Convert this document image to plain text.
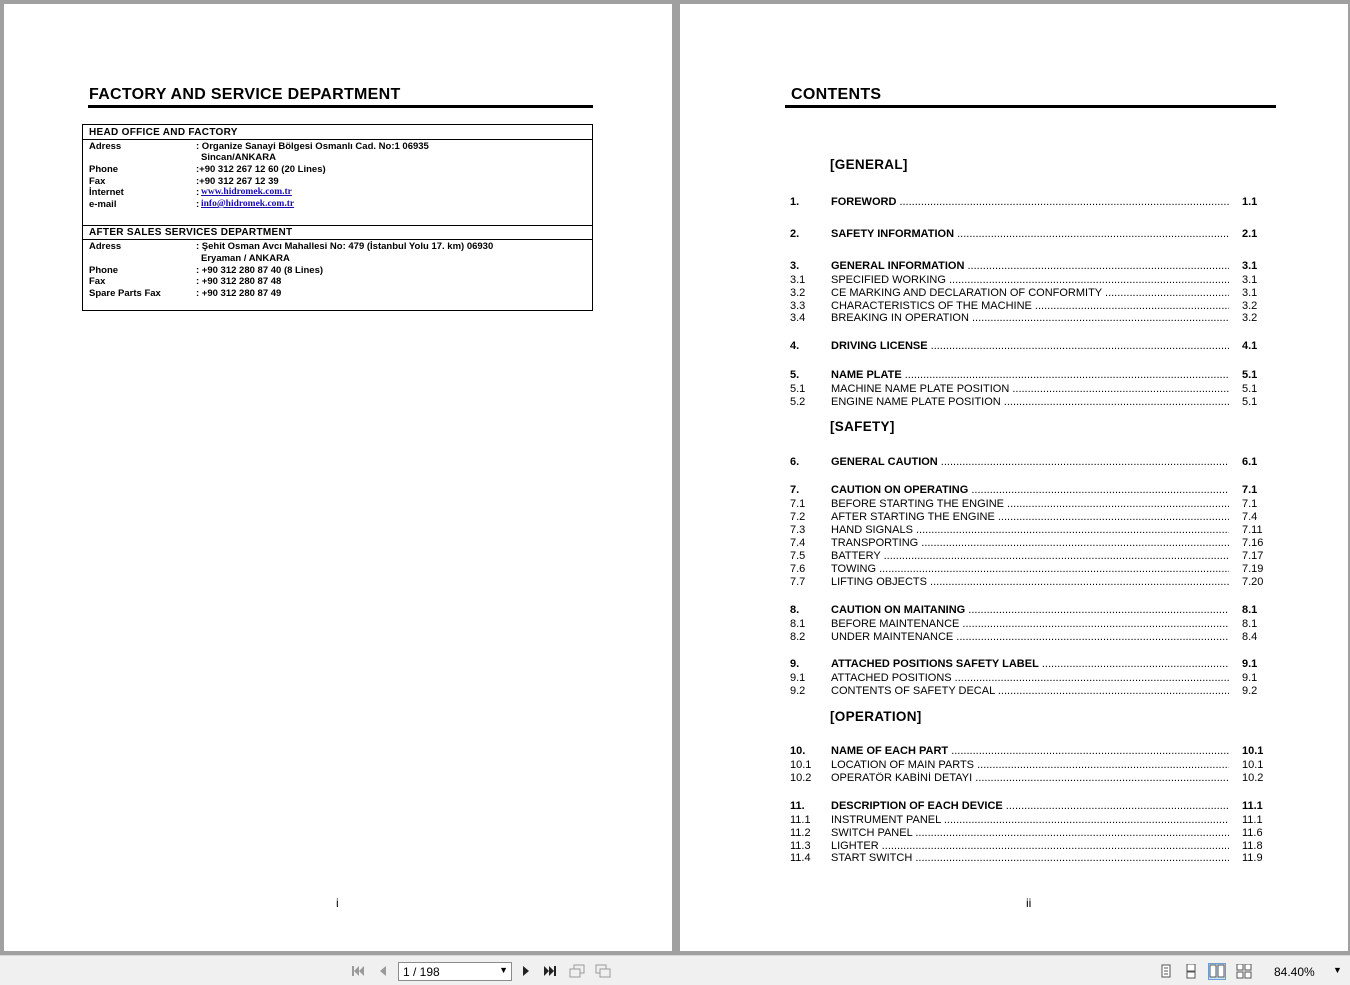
FACTORY AND SERVICE DEPARTMENT
HEAD OFFICE AND FACTORY
Adress	: Organize Sanayi Bölgesi Osmanlı Cad. No:1 06935
Sincan/ANKARA
Phone	:+90 312 267 12 60 (20 Lines)
Fax	:+90 312 267 12 39
İnternet	: www.hidromek.com.tr
e-mail	: info@hidromek.com.tr
AFTER SALES SERVICES DEPARTMENT
Adress	: Şehit Osman Avcı Mahallesi No: 479 (İstanbul Yolu 17. km) 06930
Eryaman / ANKARA
Phone	: +90 312 280 87 40 (8 Lines)
Fax	: +90 312 280 87 48
Spare Parts Fax	: +90 312 280 87 49
i
CONTENTS
[GENERAL]
[SAFETY]
[OPERATION]
1.	FOREWORD .....	1.1
2.	SAFETY INFORMATION .....	2.1
3.	GENERAL INFORMATION .....	3.1
3.1 SPECIFIED WORKING .....	3.1
3.2 CE MARKING AND DECLARATION OF CONFORMITY .....	3.1
3.3 CHARACTERISTICS OF THE MACHINE .....	3.2
3.4 BREAKING IN OPERATION .....	3.2
4.	DRIVING LICENSE .....	4.1
5.	NAME PLATE .....	5.1
5.1 MACHINE NAME PLATE POSITION .....	5.1
5.2 ENGINE NAME PLATE POSITION .....	5.1
6.	GENERAL CAUTION .....	6.1
7.	CAUTION ON OPERATING .....	7.1
7.1 BEFORE STARTING THE ENGINE .....	7.1
7.2 AFTER STARTING THE ENGINE .....	7.4
7.3 HAND SIGNALS .....	7.11
7.4 TRANSPORTING .....	7.16
7.5 BATTERY .....	7.17
7.6 TOWING .....	7.19
7.7 LIFTING OBJECTS .....	7.20
8.	CAUTION ON MAITANING .....	8.1
8.1 BEFORE MAINTENANCE .....	8.1
8.2 UNDER MAINTENANCE .....	8.4
9.	ATTACHED POSITIONS SAFETY LABEL .....	9.1
9.1 ATTACHED POSITIONS .....	9.1
9.2 CONTENTS OF SAFETY DECAL .....	9.2
10. NAME OF EACH PART .....	10.1
10.1 LOCATION OF MAIN PARTS .....	10.1
10.2 OPERATÖR KABİNİ DETAYI .....	10.2
11. DESCRIPTION OF EACH DEVICE .....	11.1
11.1 INSTRUMENT PANEL .....	11.1
11.2 SWITCH PANEL .....	11.6
11.3 LIGHTER .....	11.8
11.4 START SWITCH .....	11.9
ii
1 / 198	▼	84.40% ▼
